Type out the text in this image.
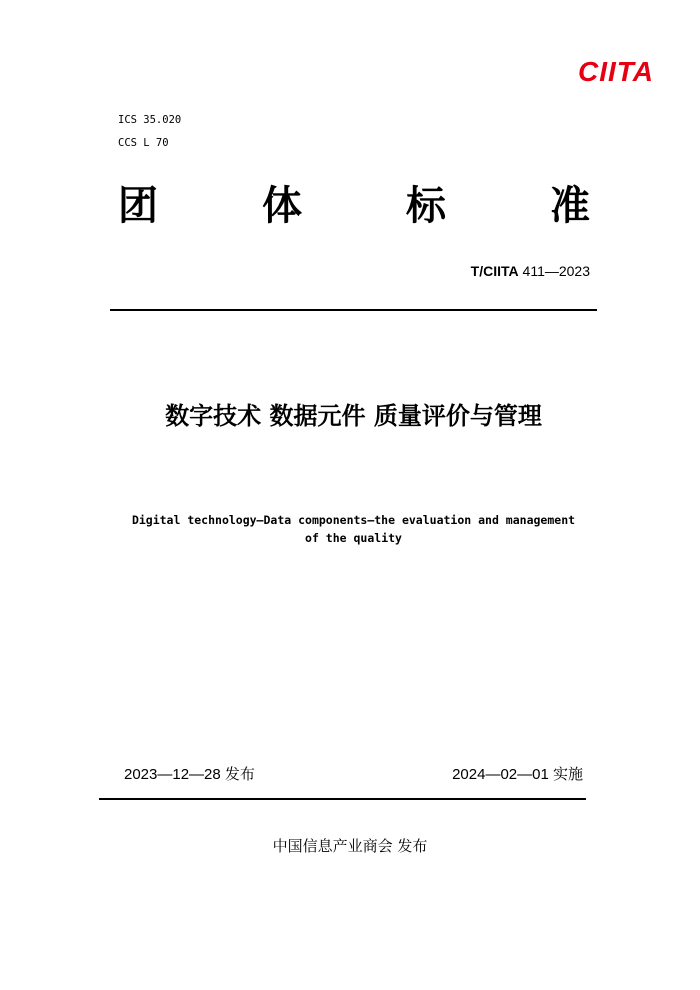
CIITA
ICS 35.020
CCS L 70
团	体	标	准
T/CIITA 411—2023
数字技术 数据元件 质量评价与管理
Digital technology—Data components—the evaluation and management
of the quality
2023—12—28 发布	2024—02—01 实施
中国信息产业商会 发布
